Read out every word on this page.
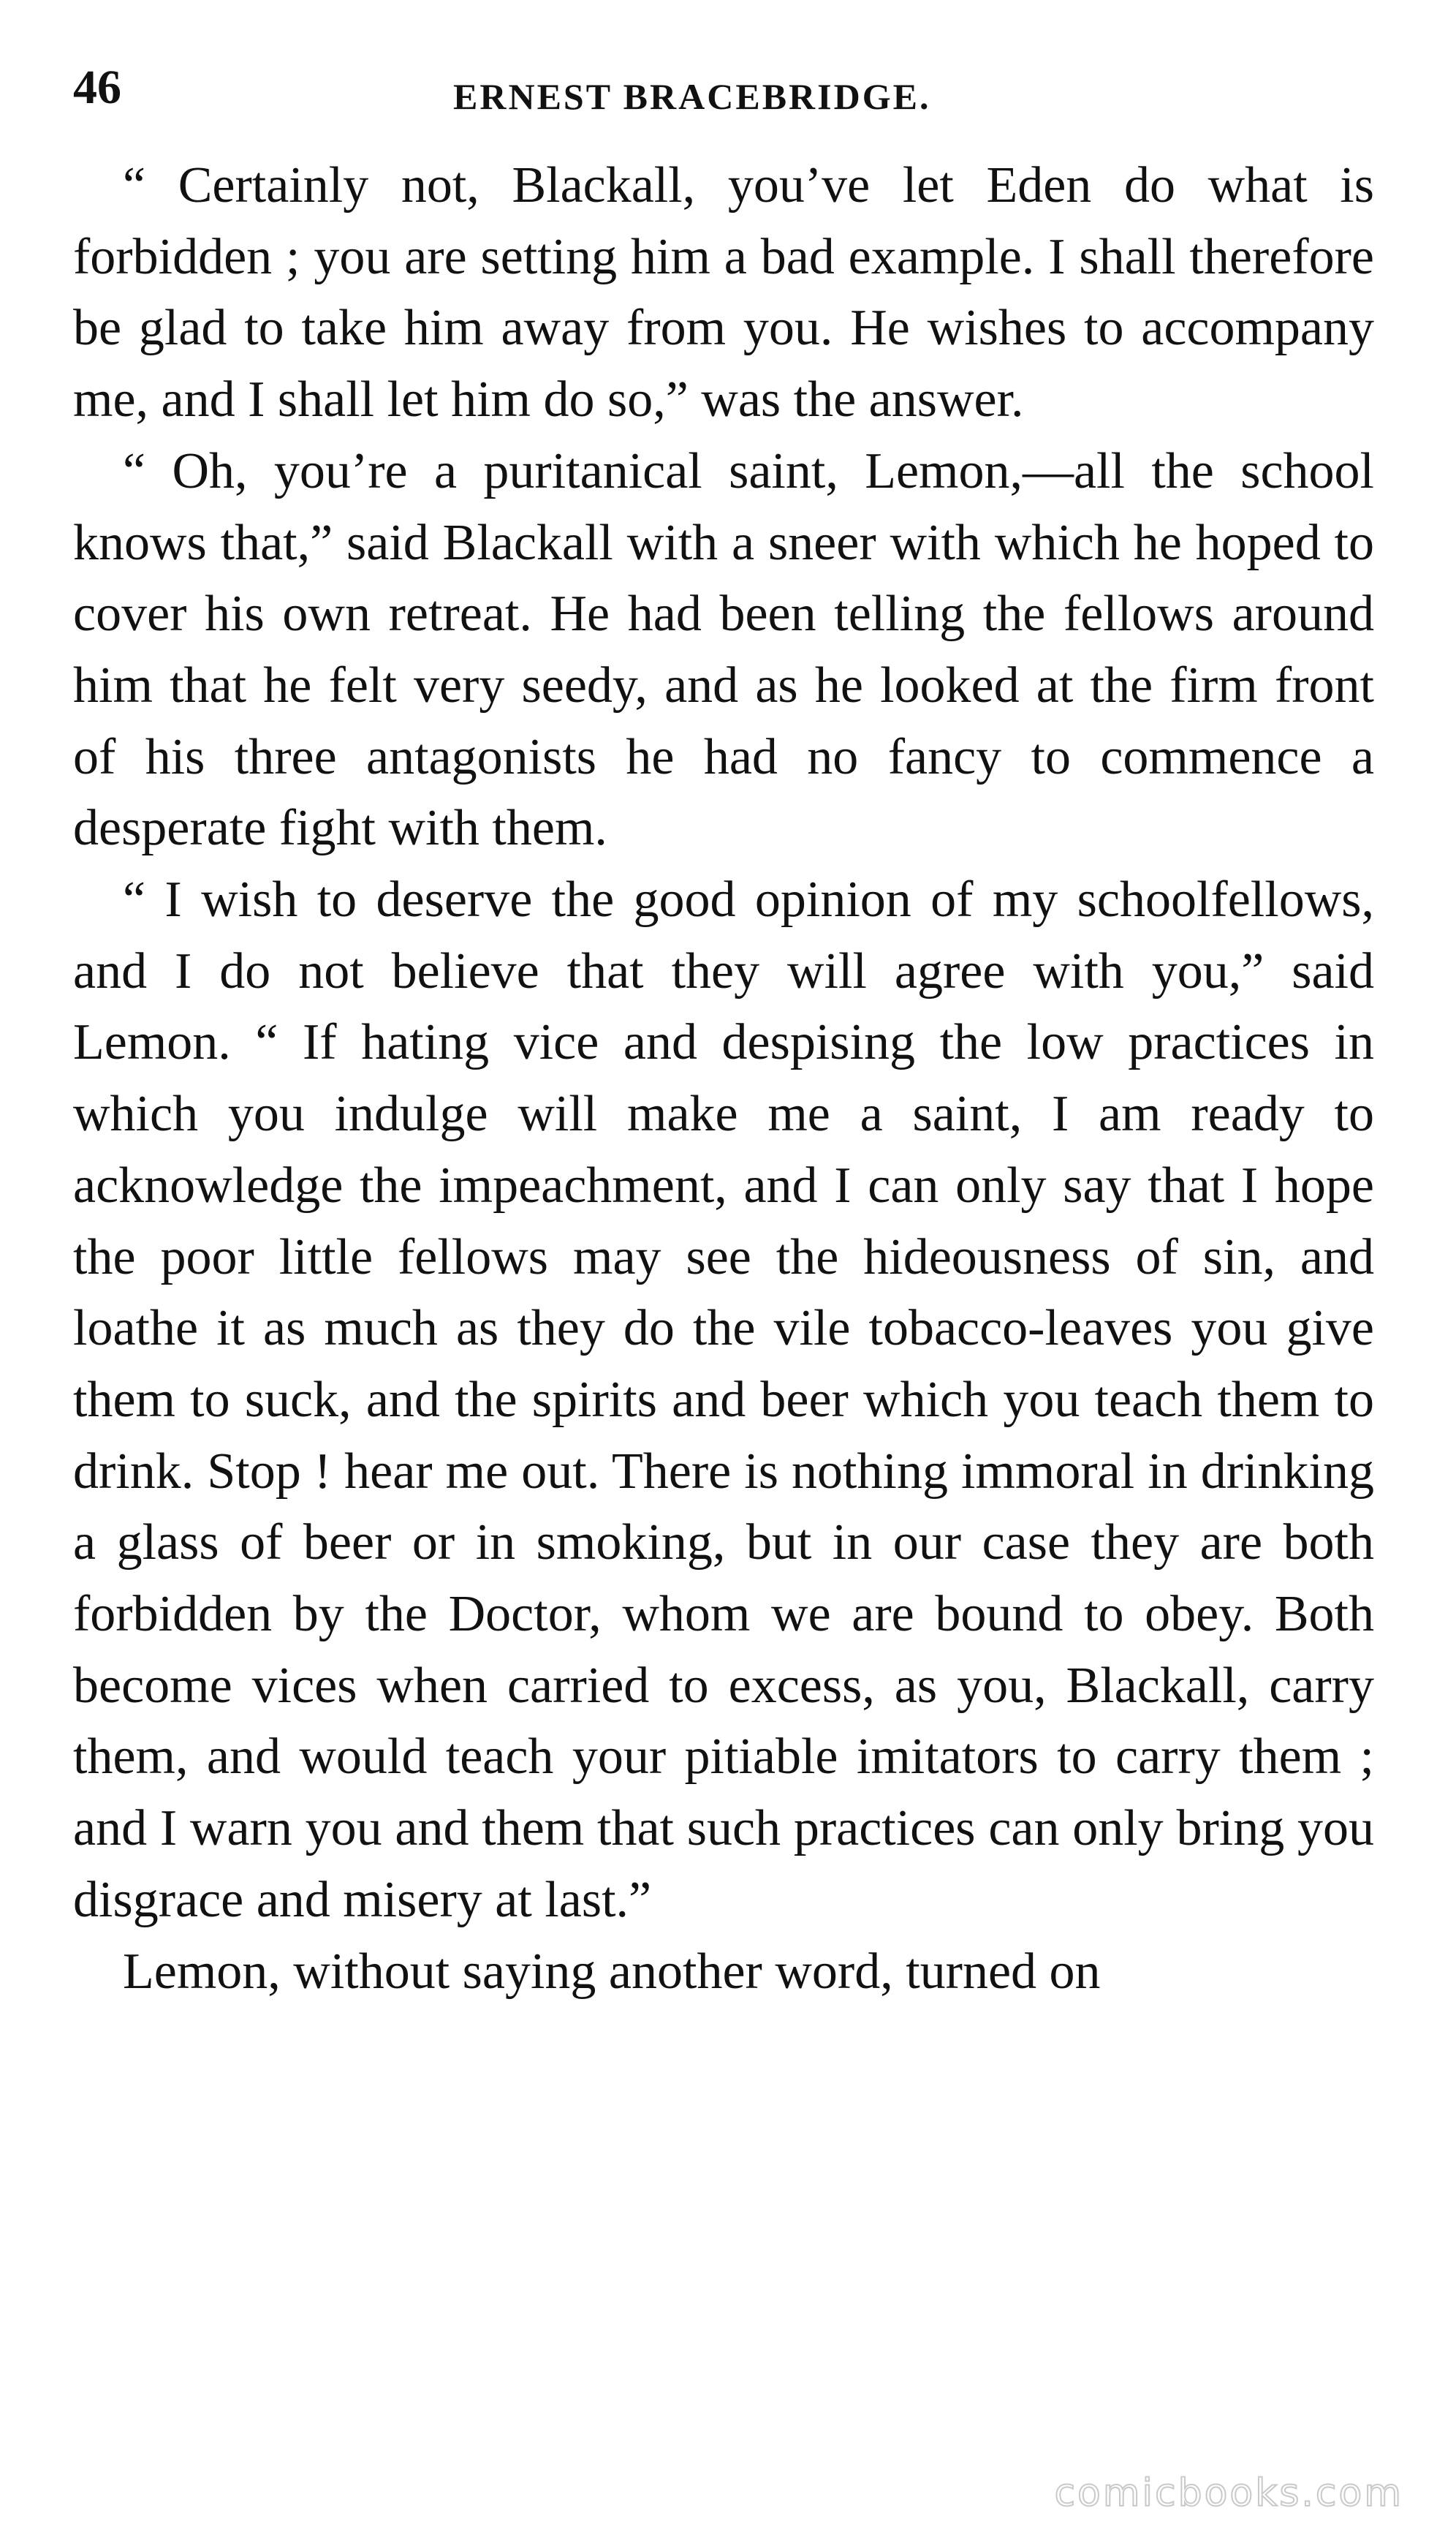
46	ERNEST BRACEBRIDGE.

“ Certainly not, Blackall, you’ve let Eden do what is forbidden ; you are setting him a bad example. I shall therefore be glad to take him away from you. He wishes to accompany me, and I shall let him do so,” was the answer.

“ Oh, you’re a puritanical saint, Lemon,—all the school knows that,” said Blackall with a sneer with which he hoped to cover his own retreat. He had been telling the fellows around him that he felt very seedy, and as he looked at the firm front of his three antagonists he had no fancy to commence a desperate fight with them.

“ I wish to deserve the good opinion of my schoolfellows, and I do not believe that they will agree with you,” said Lemon. “ If hating vice and despising the low practices in which you indulge will make me a saint, I am ready to acknowledge the impeachment, and I can only say that I hope the poor little fellows may see the hideousness of sin, and loathe it as much as they do the vile tobacco-leaves you give them to suck, and the spirits and beer which you teach them to drink. Stop ! hear me out. There is nothing immoral in drinking a glass of beer or in smoking, but in our case they are both forbidden by the Doctor, whom we are bound to obey. Both become vices when carried to excess, as you, Blackall, carry them, and would teach your pitiable imitators to carry them ; and I warn you and them that such practices can only bring you disgrace and misery at last.”

Lemon, without saying another word, turned on

comicbooks.com
